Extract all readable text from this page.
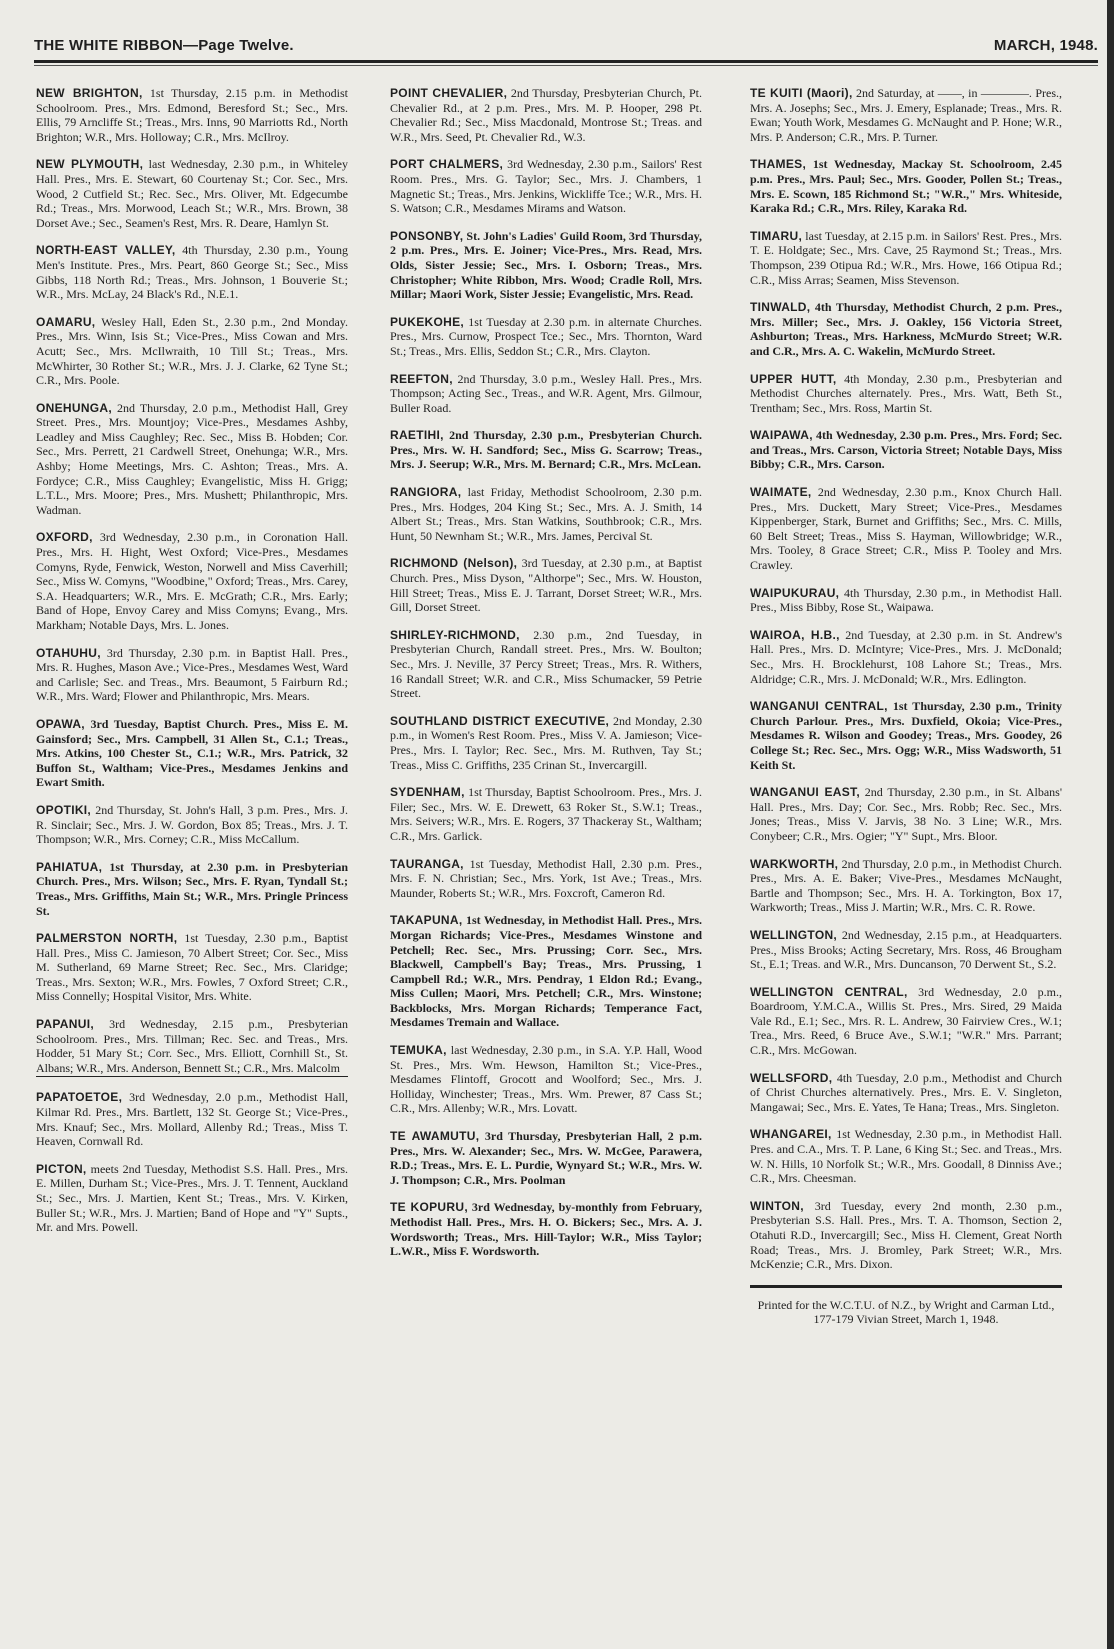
THE WHITE RIBBON—Page Twelve.	MARCH, 1948.

NEW BRIGHTON, 1st Thursday, 2.15 p.m. in Methodist Schoolroom. Pres., Mrs. Edmond, Beresford St.; Sec., Mrs. Ellis, 79 Arncliffe St.; Treas., Mrs. Inns, 90 Marriotts Rd., North Brighton; W.R., Mrs. Holloway; C.R., Mrs. McIlroy.

NEW PLYMOUTH, last Wednesday, 2.30 p.m., in Whiteley Hall. Pres., Mrs. E. Stewart, 60 Courtenay St.; Cor. Sec., Mrs. Wood, 2 Cutfield St.; Rec. Sec., Mrs. Oliver, Mt. Edgecumbe Rd.; Treas., Mrs. Morwood, Leach St.; W.R., Mrs. Brown, 38 Dorset Ave.; Sec., Seamen's Rest, Mrs. R. Deare, Hamlyn St.

NORTH-EAST VALLEY, 4th Thursday, 2.30 p.m., Young Men's Institute. Pres., Mrs. Peart, 860 George St.; Sec., Miss Gibbs, 118 North Rd.; Treas., Mrs. Johnson, 1 Bouverie St.; W.R., Mrs. McLay, 24 Black's Rd., N.E.1.

OAMARU, Wesley Hall, Eden St., 2.30 p.m., 2nd Monday. Pres., Mrs. Winn, Isis St.; Vice-Pres., Miss Cowan and Mrs. Acutt; Sec., Mrs. McIlwraith, 10 Till St.; Treas., Mrs. McWhirter, 30 Rother St.; W.R., Mrs. J. J. Clarke, 62 Tyne St.; C.R., Mrs. Poole.

ONEHUNGA, 2nd Thursday, 2.0 p.m., Methodist Hall, Grey Street. Pres., Mrs. Mountjoy; Vice-Pres., Mesdames Ashby, Leadley and Miss Caughley; Rec. Sec., Miss B. Hobden; Cor. Sec., Mrs. Perrett, 21 Cardwell Street, Onehunga; W.R., Mrs. Ashby; Home Meetings, Mrs. C. Ashton; Treas., Mrs. A. Fordyce; C.R., Miss Caughley; Evangelistic, Miss H. Grigg; L.T.L., Mrs. Moore; Pres., Mrs. Mushett; Philanthropic, Mrs. Wadman.

OXFORD, 3rd Wednesday, 2.30 p.m., in Coronation Hall. Pres., Mrs. H. Hight, West Oxford; Vice-Pres., Mesdames Comyns, Ryde, Fenwick, Weston, Norwell and Miss Caverhill; Sec., Miss W. Comyns, "Woodbine," Oxford; Treas., Mrs. Carey, S.A. Headquarters; W.R., Mrs. E. McGrath; C.R., Mrs. Early; Band of Hope, Envoy Carey and Miss Comyns; Evang., Mrs. Markham; Notable Days, Mrs. L. Jones.

OTAHUHU, 3rd Thursday, 2.30 p.m. in Baptist Hall. Pres., Mrs. R. Hughes, Mason Ave.; Vice-Pres., Mesdames West, Ward and Carlisle; Sec. and Treas., Mrs. Beaumont, 5 Fairburn Rd.; W.R., Mrs. Ward; Flower and Philanthropic, Mrs. Mears.

OPAWA, 3rd Tuesday, Baptist Church. Pres., Miss E. M. Gainsford; Sec., Mrs. Campbell, 31 Allen St., C.1.; Treas., Mrs. Atkins, 100 Chester St., C.1.; W.R., Mrs. Patrick, 32 Buffon St., Waltham; Vice-Pres., Mesdames Jenkins and Ewart Smith.

OPOTIKI, 2nd Thursday, St. John's Hall, 3 p.m. Pres., Mrs. J. R. Sinclair; Sec., Mrs. J. W. Gordon, Box 85; Treas., Mrs. J. T. Thompson; W.R., Mrs. Corney; C.R., Miss McCallum.

PAHIATUA, 1st Thursday, at 2.30 p.m. in Presbyterian Church. Pres., Mrs. Wilson; Sec., Mrs. F. Ryan, Tyndall St.; Treas., Mrs. Griffiths, Main St.; W.R., Mrs. Pringle Princess St.

PALMERSTON NORTH, 1st Tuesday, 2.30 p.m., Baptist Hall. Pres., Miss C. Jamieson, 70 Albert Street; Cor. Sec., Miss M. Sutherland, 69 Marne Street; Rec. Sec., Mrs. Claridge; Treas., Mrs. Sexton; W.R., Mrs. Fowles, 7 Oxford Street; C.R., Miss Connelly; Hospital Visitor, Mrs. White.

PAPANUI, 3rd Wednesday, 2.15 p.m., Presbyterian Schoolroom. Pres., Mrs. Tillman; Rec. Sec. and Treas., Mrs. Hodder, 51 Mary St.; Corr. Sec., Mrs. Elliott, Cornhill St., St. Albans; W.R., Mrs. Anderson, Bennett St.; C.R., Mrs. Malcolm

PAPATOETOE, 3rd Wednesday, 2.0 p.m., Methodist Hall, Kilmar Rd. Pres., Mrs. Bartlett, 132 St. George St.; Vice-Pres., Mrs. Knauf; Sec., Mrs. Mollard, Allenby Rd.; Treas., Miss T. Heaven, Cornwall Rd.

PICTON, meets 2nd Tuesday, Methodist S.S. Hall. Pres., Mrs. E. Millen, Durham St.; Vice-Pres., Mrs. J. T. Tennent, Auckland St.; Sec., Mrs. J. Martien, Kent St.; Treas., Mrs. V. Kirken, Buller St.; W.R., Mrs. J. Martien; Band of Hope and "Y" Supts., Mr. and Mrs. Powell.

POINT CHEVALIER, 2nd Thursday, Presbyterian Church, Pt. Chevalier Rd., at 2 p.m. Pres., Mrs. M. P. Hooper, 298 Pt. Chevalier Rd.; Sec., Miss Macdonald, Montrose St.; Treas. and W.R., Mrs. Seed, Pt. Chevalier Rd., W.3.

PORT CHALMERS, 3rd Wednesday, 2.30 p.m., Sailors' Rest Room. Pres., Mrs. G. Taylor; Sec., Mrs. J. Chambers, 1 Magnetic St.; Treas., Mrs. Jenkins, Wickliffe Tce.; W.R., Mrs. H. S. Watson; C.R., Mesdames Mirams and Watson.

PONSONBY, St. John's Ladies' Guild Room, 3rd Thursday, 2 p.m. Pres., Mrs. E. Joiner; Vice-Pres., Mrs. Read, Mrs. Olds, Sister Jessie; Sec., Mrs. I. Osborn; Treas., Mrs. Christopher; White Ribbon, Mrs. Wood; Cradle Roll, Mrs. Millar; Maori Work, Sister Jessie; Evangelistic, Mrs. Read.

PUKEKOHE, 1st Tuesday at 2.30 p.m. in alternate Churches. Pres., Mrs. Curnow, Prospect Tce.; Sec., Mrs. Thornton, Ward St.; Treas., Mrs. Ellis, Seddon St.; C.R., Mrs. Clayton.

REEFTON, 2nd Thursday, 3.0 p.m., Wesley Hall. Pres., Mrs. Thompson; Acting Sec., Treas., and W.R. Agent, Mrs. Gilmour, Buller Road.

RAETIHI, 2nd Thursday, 2.30 p.m., Presbyterian Church. Pres., Mrs. W. H. Sandford; Sec., Miss G. Scarrow; Treas., Mrs. J. Seerup; W.R., Mrs. M. Bernard; C.R., Mrs. McLean.

RANGIORA, last Friday, Methodist Schoolroom, 2.30 p.m. Pres., Mrs. Hodges, 204 King St.; Sec., Mrs. A. J. Smith, 14 Albert St.; Treas., Mrs. Stan Watkins, Southbrook; C.R., Mrs. Hunt, 50 Newnham St.; W.R., Mrs. James, Percival St.

RICHMOND (Nelson), 3rd Tuesday, at 2.30 p.m., at Baptist Church. Pres., Miss Dyson, "Althorpe"; Sec., Mrs. W. Houston, Hill Street; Treas., Miss E. J. Tarrant, Dorset Street; W.R., Mrs. Gill, Dorset Street.

SHIRLEY-RICHMOND, 2.30 p.m., 2nd Tuesday, in Presbyterian Church, Randall street. Pres., Mrs. W. Boulton; Sec., Mrs. J. Neville, 37 Percy Street; Treas., Mrs. R. Withers, 16 Randall Street; W.R. and C.R., Miss Schumacker, 59 Petrie Street.

SOUTHLAND DISTRICT EXECUTIVE, 2nd Monday, 2.30 p.m., in Women's Rest Room. Pres., Miss V. A. Jamieson; Vice-Pres., Mrs. I. Taylor; Rec. Sec., Mrs. M. Ruthven, Tay St.; Treas., Miss C. Griffiths, 235 Crinan St., Invercargill.

SYDENHAM, 1st Thursday, Baptist Schoolroom. Pres., Mrs. J. Filer; Sec., Mrs. W. E. Drewett, 63 Roker St., S.W.1; Treas., Mrs. Seivers; W.R., Mrs. E. Rogers, 37 Thackeray St., Waltham; C.R., Mrs. Garlick.

TAURANGA, 1st Tuesday, Methodist Hall, 2.30 p.m. Pres., Mrs. F. N. Christian; Sec., Mrs. York, 1st Ave.; Treas., Mrs. Maunder, Roberts St.; W.R., Mrs. Foxcroft, Cameron Rd.

TAKAPUNA, 1st Wednesday, in Methodist Hall. Pres., Mrs. Morgan Richards; Vice-Pres., Mesdames Winstone and Petchell; Rec. Sec., Mrs. Prussing; Corr. Sec., Mrs. Blackwell, Campbell's Bay; Treas., Mrs. Prussing, 1 Campbell Rd.; W.R., Mrs. Pendray, 1 Eldon Rd.; Evang., Miss Cullen; Maori, Mrs. Petchell; C.R., Mrs. Winstone; Backblocks, Mrs. Morgan Richards; Temperance Fact, Mesdames Tremain and Wallace.

TEMUKA, last Wednesday, 2.30 p.m., in S.A. Y.P. Hall, Wood St. Pres., Mrs. Wm. Hewson, Hamilton St.; Vice-Pres., Mesdames Flintoff, Grocott and Woolford; Sec., Mrs. J. Holliday, Winchester; Treas., Mrs. Wm. Prewer, 87 Cass St.; C.R., Mrs. Allenby; W.R., Mrs. Lovatt.

TE AWAMUTU, 3rd Thursday, Presbyterian Hall, 2 p.m. Pres., Mrs. W. Alexander; Sec., Mrs. W. McGee, Parawera, R.D.; Treas., Mrs. E. L. Purdie, Wynyard St.; W.R., Mrs. W. J. Thompson; C.R., Mrs. Poolman

TE KOPURU, 3rd Wednesday, by-monthly from February, Methodist Hall. Pres., Mrs. H. O. Bickers; Sec., Mrs. A. J. Wordsworth; Treas., Mrs. Hill-Taylor; W.R., Miss Taylor; L.W.R., Miss F. Wordsworth.

TE KUITI (Maori), 2nd Saturday, at ——, in ————. Pres., Mrs. A. Josephs; Sec., Mrs. J. Emery, Esplanade; Treas., Mrs. R. Ewan; Youth Work, Mesdames G. McNaught and P. Hone; W.R., Mrs. P. Anderson; C.R., Mrs. P. Turner.

THAMES, 1st Wednesday, Mackay St. Schoolroom, 2.45 p.m. Pres., Mrs. Paul; Sec., Mrs. Gooder, Pollen St.; Treas., Mrs. E. Scown, 185 Richmond St.; "W.R.," Mrs. Whiteside, Karaka Rd.; C.R., Mrs. Riley, Karaka Rd.

TIMARU, last Tuesday, at 2.15 p.m. in Sailors' Rest. Pres., Mrs. T. E. Holdgate; Sec., Mrs. Cave, 25 Raymond St.; Treas., Mrs. Thompson, 239 Otipua Rd.; W.R., Mrs. Howe, 166 Otipua Rd.; C.R., Miss Arras; Seamen, Miss Stevenson.

TINWALD, 4th Thursday, Methodist Church, 2 p.m. Pres., Mrs. Miller; Sec., Mrs. J. Oakley, 156 Victoria Street, Ashburton; Treas., Mrs. Harkness, McMurdo Street; W.R. and C.R., Mrs. A. C. Wakelin, McMurdo Street.

UPPER HUTT, 4th Monday, 2.30 p.m., Presbyterian and Methodist Churches alternately. Pres., Mrs. Watt, Beth St., Trentham; Sec., Mrs. Ross, Martin St.

WAIPAWA, 4th Wednesday, 2.30 p.m. Pres., Mrs. Ford; Sec. and Treas., Mrs. Carson, Victoria Street; Notable Days, Miss Bibby; C.R., Mrs. Carson.

WAIMATE, 2nd Wednesday, 2.30 p.m., Knox Church Hall. Pres., Mrs. Duckett, Mary Street; Vice-Pres., Mesdames Kippenberger, Stark, Burnet and Griffiths; Sec., Mrs. C. Mills, 60 Belt Street; Treas., Miss S. Hayman, Willowbridge; W.R., Mrs. Tooley, 8 Grace Street; C.R., Miss P. Tooley and Mrs. Crawley.

WAIPUKURAU, 4th Thursday, 2.30 p.m., in Methodist Hall. Pres., Miss Bibby, Rose St., Waipawa.

WAIROA, H.B., 2nd Tuesday, at 2.30 p.m. in St. Andrew's Hall. Pres., Mrs. D. McIntyre; Vice-Pres., Mrs. J. McDonald; Sec., Mrs. H. Brocklehurst, 108 Lahore St.; Treas., Mrs. Aldridge; C.R., Mrs. J. McDonald; W.R., Mrs. Edlington.

WANGANUI CENTRAL, 1st Thursday, 2.30 p.m., Trinity Church Parlour. Pres., Mrs. Duxfield, Okoia; Vice-Pres., Mesdames R. Wilson and Goodey; Treas., Mrs. Goodey, 26 College St.; Rec. Sec., Mrs. Ogg; W.R., Miss Wadsworth, 51 Keith St.

WANGANUI EAST, 2nd Thursday, 2.30 p.m., in St. Albans' Hall. Pres., Mrs. Day; Cor. Sec., Mrs. Robb; Rec. Sec., Mrs. Jones; Treas., Miss V. Jarvis, 38 No. 3 Line; W.R., Mrs. Conybeer; C.R., Mrs. Ogier; "Y" Supt., Mrs. Bloor.

WARKWORTH, 2nd Thursday, 2.0 p.m., in Methodist Church. Pres., Mrs. A. E. Baker; Vive-Pres., Mesdames McNaught, Bartle and Thompson; Sec., Mrs. H. A. Torkington, Box 17, Warkworth; Treas., Miss J. Martin; W.R., Mrs. C. R. Rowe.

WELLINGTON, 2nd Wednesday, 2.15 p.m., at Headquarters. Pres., Miss Brooks; Acting Secretary, Mrs. Ross, 46 Brougham St., E.1; Treas. and W.R., Mrs. Duncanson, 70 Derwent St., S.2.

WELLINGTON CENTRAL, 3rd Wednesday, 2.0 p.m., Boardroom, Y.M.C.A., Willis St. Pres., Mrs. Sired, 29 Maida Vale Rd., E.1; Sec., Mrs. R. L. Andrew, 30 Fairview Cres., W.1; Trea., Mrs. Reed, 6 Bruce Ave., S.W.1; "W.R." Mrs. Parrant; C.R., Mrs. McGowan.

WELLSFORD, 4th Tuesday, 2.0 p.m., Methodist and Church of Christ Churches alternatively. Pres., Mrs. E. V. Singleton, Mangawai; Sec., Mrs. E. Yates, Te Hana; Treas., Mrs. Singleton.

WHANGAREI, 1st Wednesday, 2.30 p.m., in Methodist Hall. Pres. and C.A., Mrs. T. P. Lane, 6 King St.; Sec. and Treas., Mrs. W. N. Hills, 10 Norfolk St.; W.R., Mrs. Goodall, 8 Dinniss Ave.; C.R., Mrs. Cheesman.

WINTON, 3rd Tuesday, every 2nd month, 2.30 p.m., Presbyterian S.S. Hall. Pres., Mrs. T. A. Thomson, Section 2, Otahuti R.D., Invercargill; Sec., Miss H. Clement, Great North Road; Treas., Mrs. J. Bromley, Park Street; W.R., Mrs. McKenzie; C.R., Mrs. Dixon.

Printed for the W.C.T.U. of N.Z., by Wright and Carman Ltd., 177-179 Vivian Street, March 1, 1948.
